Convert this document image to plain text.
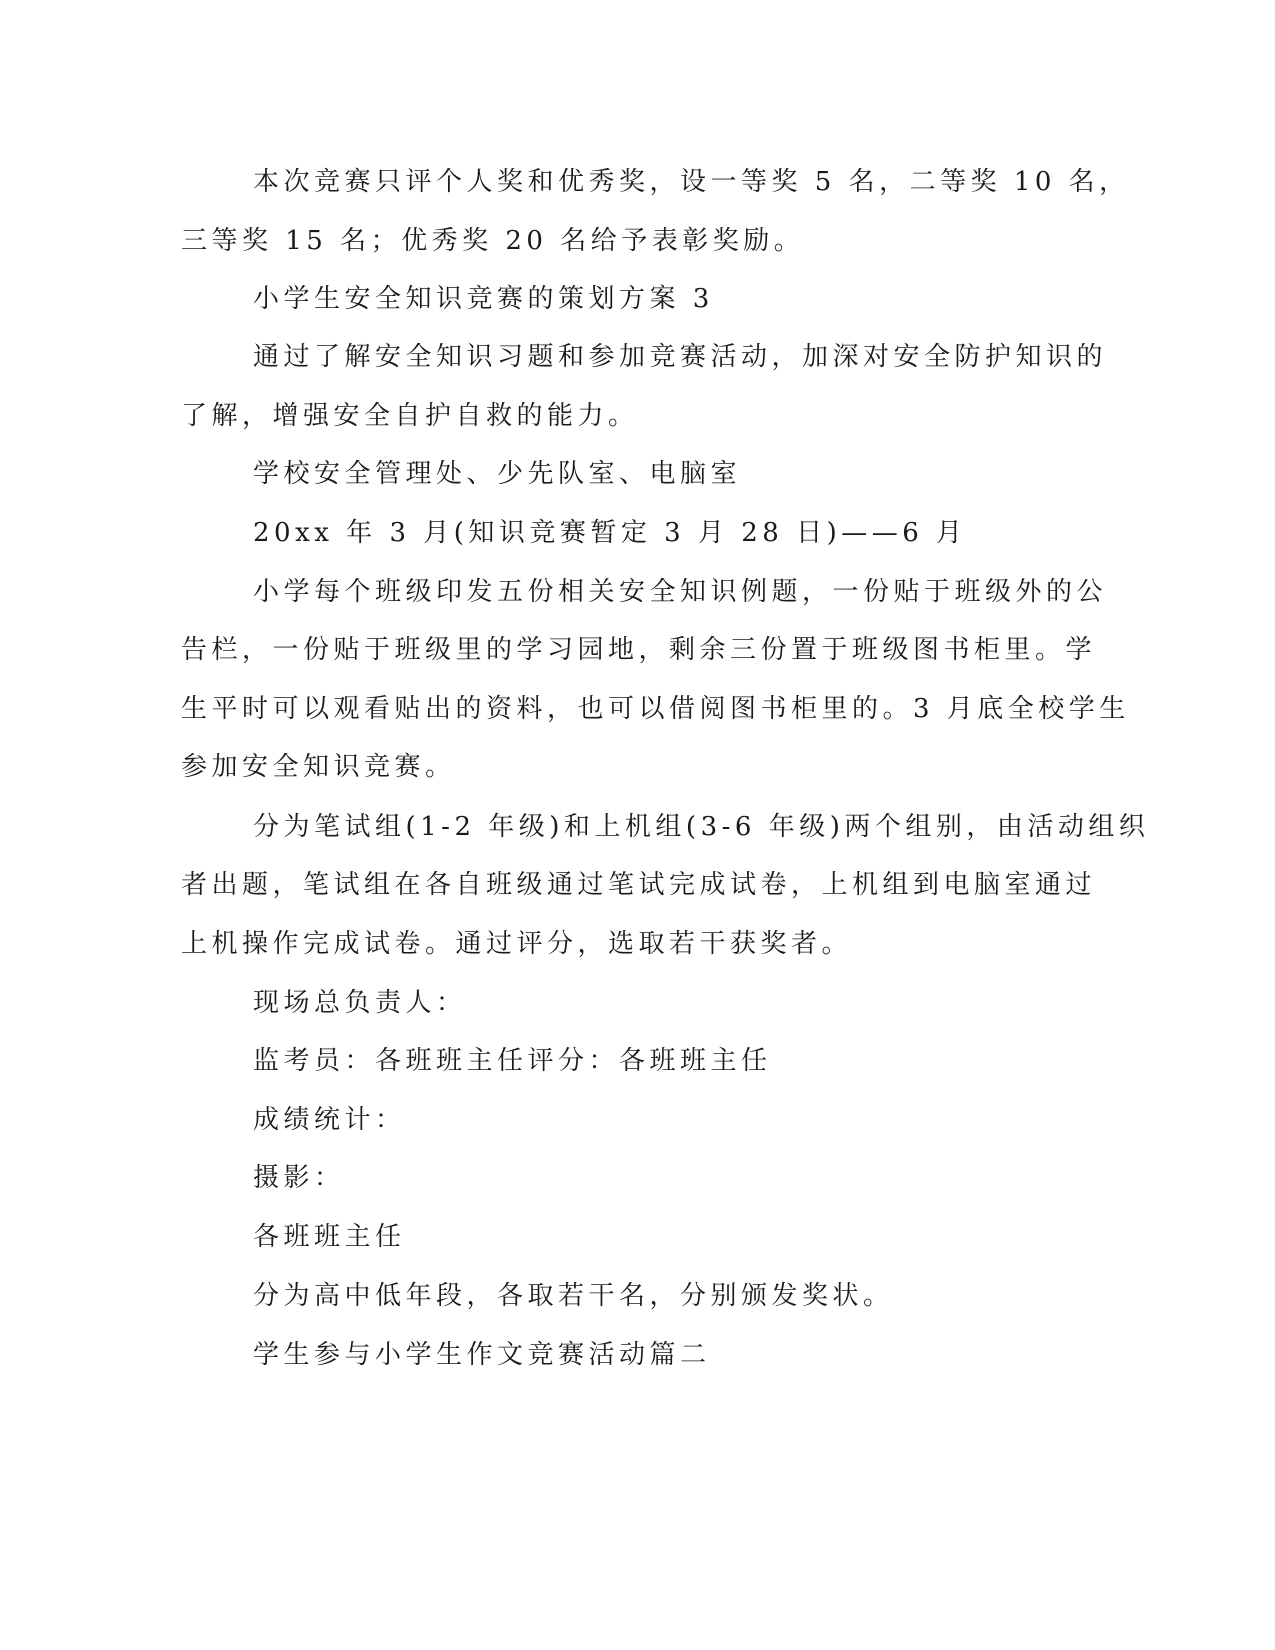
本次竞赛只评个人奖和优秀奖，设一等奖 5 名，二等奖 10 名，
三等奖 15 名；优秀奖 20 名给予表彰奖励。
小学生安全知识竞赛的策划方案 3
通过了解安全知识习题和参加竞赛活动，加深对安全防护知识的
了解，增强安全自护自救的能力。
学校安全管理处、少先队室、电脑室
20xx 年 3 月(知识竞赛暂定 3 月 28 日)——6 月
小学每个班级印发五份相关安全知识例题，一份贴于班级外的公
告栏，一份贴于班级里的学习园地，剩余三份置于班级图书柜里。学
生平时可以观看贴出的资料，也可以借阅图书柜里的。3 月底全校学生
参加安全知识竞赛。
分为笔试组(1-2 年级)和上机组(3-6 年级)两个组别，由活动组织
者出题，笔试组在各自班级通过笔试完成试卷，上机组到电脑室通过
上机操作完成试卷。通过评分，选取若干获奖者。
现场总负责人：
监考员：各班班主任评分：各班班主任
成绩统计：
摄影：
各班班主任
分为高中低年段，各取若干名，分别颁发奖状。
学生参与小学生作文竞赛活动篇二
